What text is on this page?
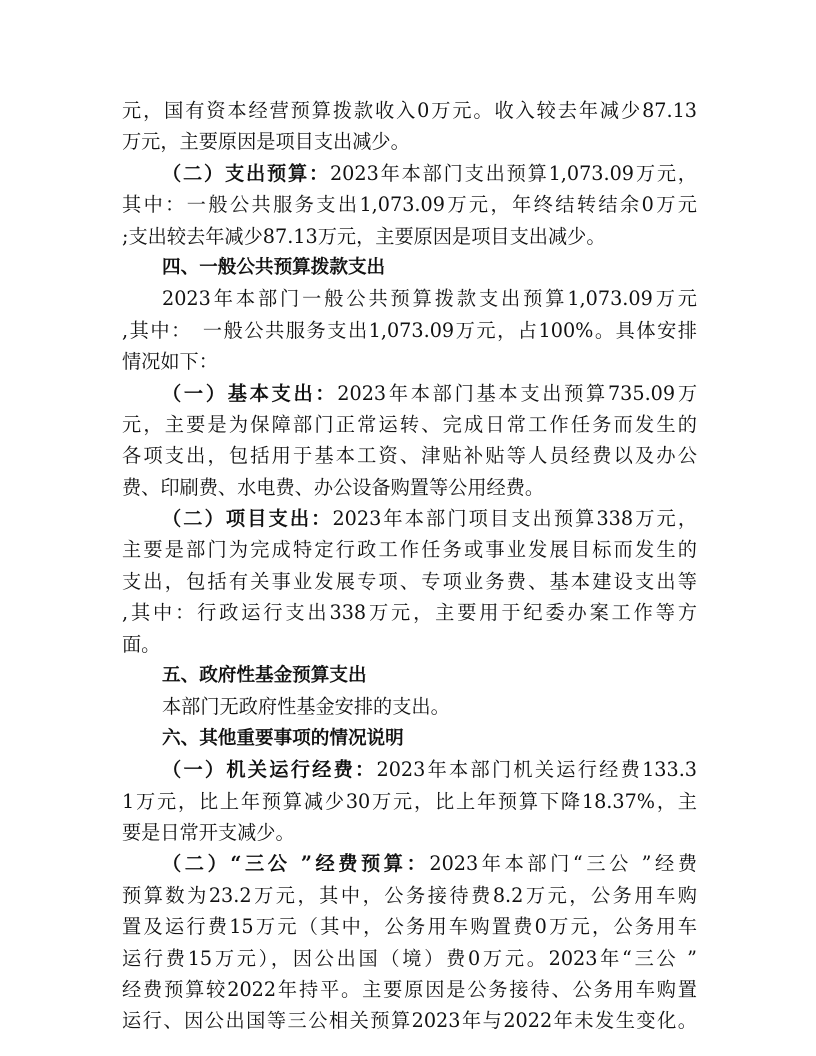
元，国有资本经营预算拨款收入0万元。收入较去年减少87.13
万元，主要原因是项目支出减少。
（二）支出预算：2023年本部门支出预算1,073.09万元，
其中：一般公共服务支出1,073.09万元，年终结转结余0万元
;支出较去年减少87.13万元，主要原因是项目支出减少。
四、一般公共预算拨款支出
2023年本部门一般公共预算拨款支出预算1,073.09万元
,其中：　一般公共服务支出1,073.09万元，占100%。具体安排
情况如下：
（一）基本支出：2023年本部门基本支出预算735.09万
元，主要是为保障部门正常运转、完成日常工作任务而发生的
各项支出，包括用于基本工资、津贴补贴等人员经费以及办公
费、印刷费、水电费、办公设备购置等公用经费。
（二）项目支出：2023年本部门项目支出预算338万元，
主要是部门为完成特定行政工作任务或事业发展目标而发生的
支出，包括有关事业发展专项、专项业务费、基本建设支出等
,其中：行政运行支出338万元，主要用于纪委办案工作等方
面。
五、政府性基金预算支出
本部门无政府性基金安排的支出。
六、其他重要事项的情况说明
（一）机关运行经费：2023年本部门机关运行经费133.3
1万元，比上年预算减少30万元，比上年预算下降18.37%，主
要是日常开支减少。
（二）“三公 ”经费预算：2023年本部门“三公 ”经费
预算数为23.2万元，其中，公务接待费8.2万元，公务用车购
置及运行费15万元（其中，公务用车购置费0万元，公务用车
运行费15万元），因公出国（境）费0万元。2023年“三公 ”
经费预算较2022年持平。主要原因是公务接待、公务用车购置
运行、因公出国等三公相关预算2023年与2022年未发生变化。
